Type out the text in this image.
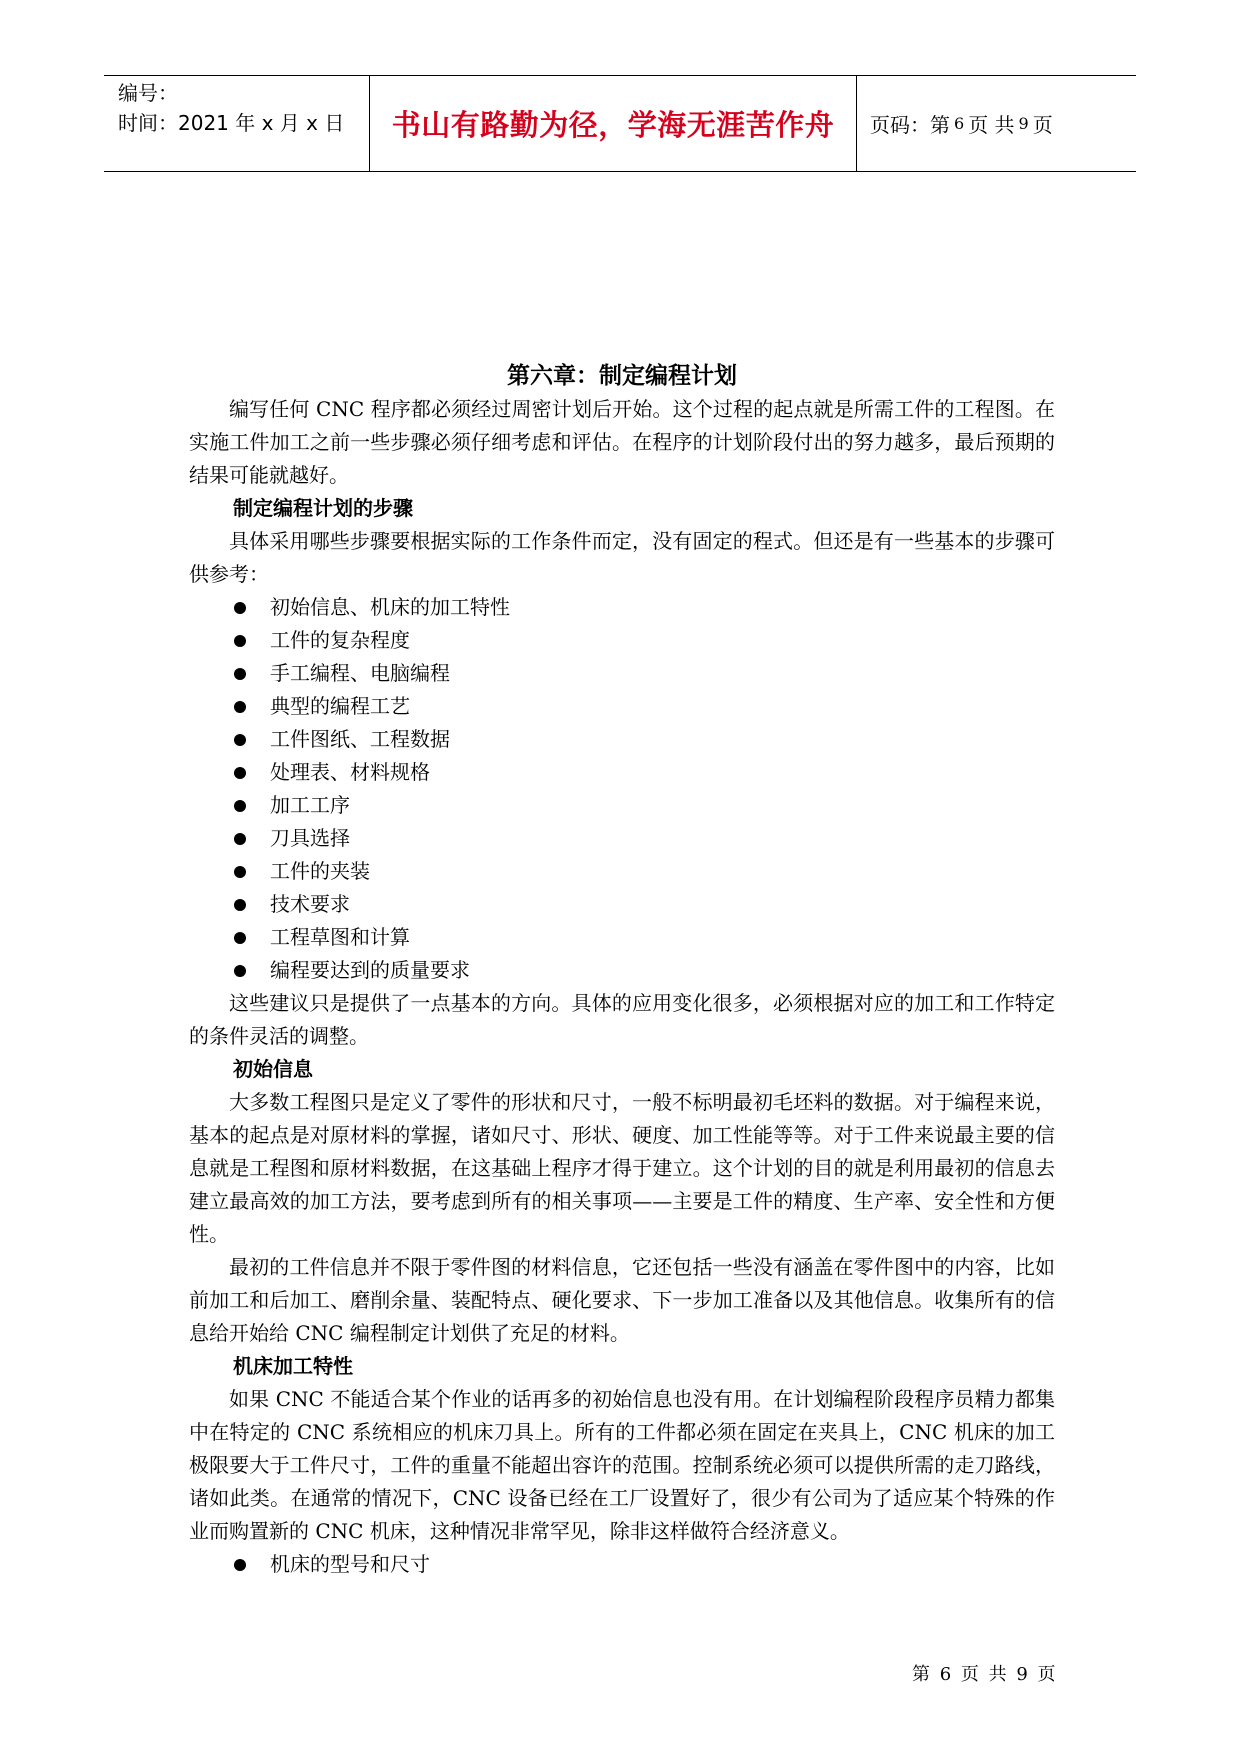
编号：
时间：2021 年 x 月 x 日	书山有路勤为径，学海无涯苦作舟	页码：第 6 页 共 9 页
第六章：制定编程计划

编写任何 CNC 程序都必须经过周密计划后开始。这个过程的起点就是所需工件的工程图。在实施工件加工之前一些步骤必须仔细考虑和评估。在程序的计划阶段付出的努力越多，最后预期的结果可能就越好。

制定编程计划的步骤

具体采用哪些步骤要根据实际的工作条件而定，没有固定的程式。但还是有一些基本的步骤可供参考：

初始信息、机床的加工特性
工件的复杂程度
手工编程、电脑编程
典型的编程工艺
工件图纸、工程数据
处理表、材料规格
加工工序
刀具选择
工件的夹装
技术要求
工程草图和计算
编程要达到的质量要求

这些建议只是提供了一点基本的方向。具体的应用变化很多，必须根据对应的加工和工作特定的条件灵活的调整。

初始信息

大多数工程图只是定义了零件的形状和尺寸，一般不标明最初毛坯料的数据。对于编程来说，基本的起点是对原材料的掌握，诸如尺寸、形状、硬度、加工性能等等。对于工件来说最主要的信息就是工程图和原材料数据，在这基础上程序才得于建立。这个计划的目的就是利用最初的信息去建立最高效的加工方法，要考虑到所有的相关事项——主要是工件的精度、生产率、安全性和方便性。

最初的工件信息并不限于零件图的材料信息，它还包括一些没有涵盖在零件图中的内容，比如前加工和后加工、磨削余量、装配特点、硬化要求、下一步加工准备以及其他信息。收集所有的信息给开始给 CNC 编程制定计划供了充足的材料。

机床加工特性

如果 CNC 不能适合某个作业的话再多的初始信息也没有用。在计划编程阶段程序员精力都集中在特定的 CNC 系统相应的机床刀具上。所有的工件都必须在固定在夹具上，CNC 机床的加工极限要大于工件尺寸，工件的重量不能超出容许的范围。控制系统必须可以提供所需的走刀路线，诸如此类。在通常的情况下，CNC 设备已经在工厂设置好了，很少有公司为了适应某个特殊的作业而购置新的 CNC 机床，这种情况非常罕见，除非这样做符合经济意义。

机床的型号和尺寸
第 6 页 共 9 页
